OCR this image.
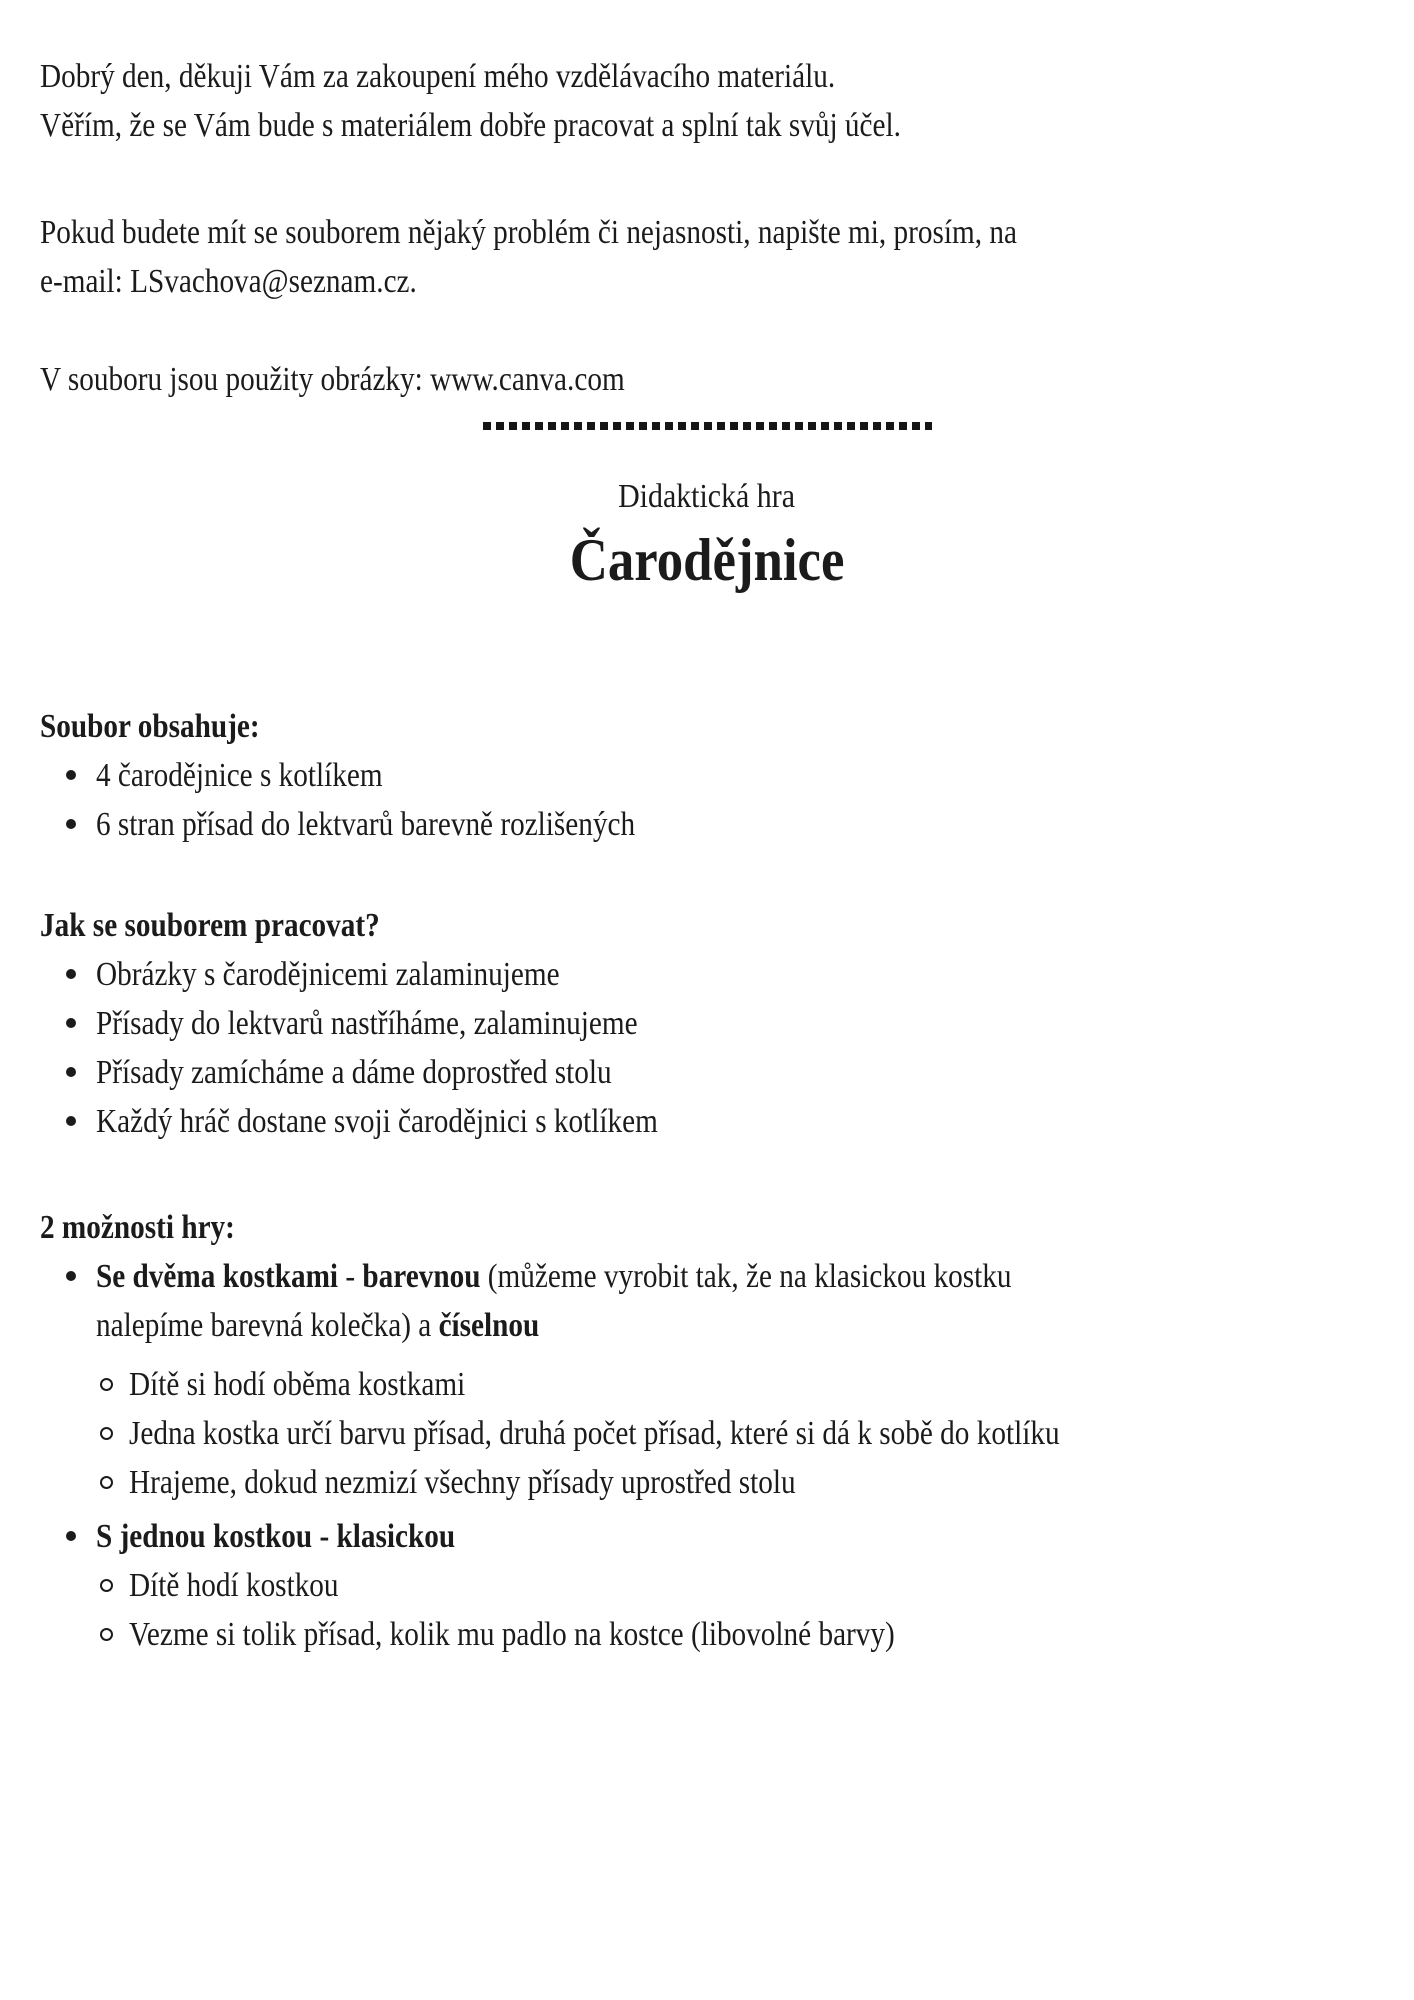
Dobrý den, děkuji Vám za zakoupení mého vzdělávacího materiálu.
Věřím, že se Vám bude s materiálem dobře pracovat a splní tak svůj účel.
Pokud budete mít se souborem nějaký problém či nejasnosti, napište mi, prosím, na
e-mail: LSvachova@seznam.cz.
V souboru jsou použity obrázky: www.canva.com
Didaktická hra
Čarodějnice
Soubor obsahuje:
4 čarodějnice s kotlíkem
6 stran přísad do lektvarů barevně rozlišených
Jak se souborem pracovat?
Obrázky s čarodějnicemi zalaminujeme
Přísady do lektvarů nastříháme, zalaminujeme
Přísady zamícháme a dáme doprostřed stolu
Každý hráč dostane svoji čarodějnici s kotlíkem
2 možnosti hry:
Se dvěma kostkami - barevnou (můžeme vyrobit tak, že na klasickou kostku
nalepíme barevná kolečka) a číselnou
Dítě si hodí oběma kostkami
Jedna kostka určí barvu přísad, druhá počet přísad, které si dá k sobě do kotlíku
Hrajeme, dokud nezmizí všechny přísady uprostřed stolu
S jednou kostkou - klasickou
Dítě hodí kostkou
Vezme si tolik přísad, kolik mu padlo na kostce (libovolné barvy)
